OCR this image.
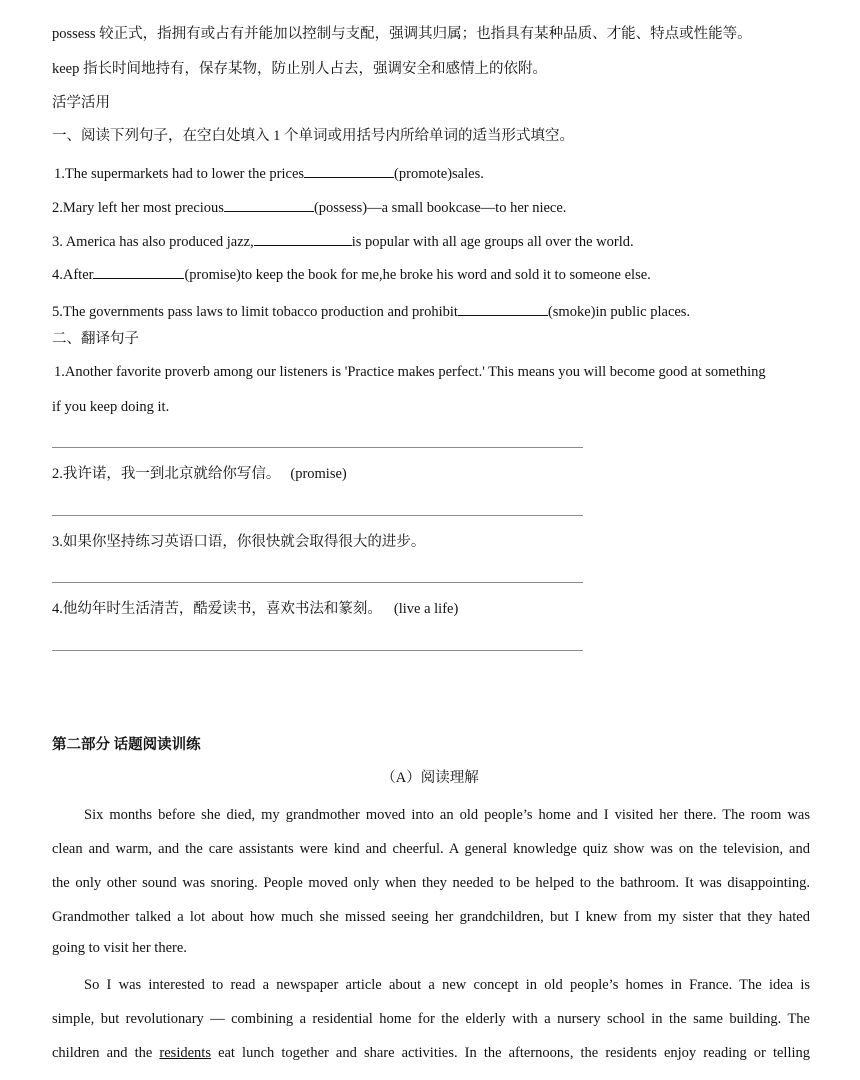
possess 较正式，指拥有或占有并能加以控制与支配，强调其归属；也指具有某种品质、才能、特点或性能等。
keep 指长时间地持有，保存某物，防止别人占去，强调安全和感情上的依附。
活学活用
一、阅读下列句子，在空白处填入 1 个单词或用括号内所给单词的适当形式填空。
1.The supermarkets had to lower the prices	(promote)sales.
2.Mary left her most precious	(possess)—a small bookcase—to her niece.
3. America has also produced jazz,	is popular with all age groups all over the world.
4.After	(promise)to keep the book for me,he broke his word and sold it to someone else.
5.The governments pass laws to limit tobacco production and prohibit	(smoke)in public places.
二、翻译句子
1.Another favorite proverb among our listeners is 'Practice makes perfect.' This means you will become good at something
if you keep doing it.
2.我许诺，我一到北京就给你写信。 (promise)
3.如果你坚持练习英语口语，你很快就会取得很大的进步。
4.他幼年时生活清苦，酷爱读书，喜欢书法和篆刻。 (live a life)
第二部分 话题阅读训练
（A）阅读理解
Six months before she died, my grandmother moved into an old people’s home and I visited her there. The room was
clean and warm, and the care assistants were kind and cheerful. A general knowledge quiz show was on the television, and
the only other sound was snoring. People moved only when they needed to be helped to the bathroom. It was disappointing.
Grandmother talked a lot about how much she missed seeing her grandchildren, but I knew from my sister that they hated
going to visit her there.
So I was interested to read a newspaper article about a new concept in old people’s homes in France. The idea is
simple, but revolutionary — combining a residential home for the elderly with a nursery school in the same building. The
children and the residents eat lunch together and share activities. In the afternoons, the residents enjoy reading or telling
